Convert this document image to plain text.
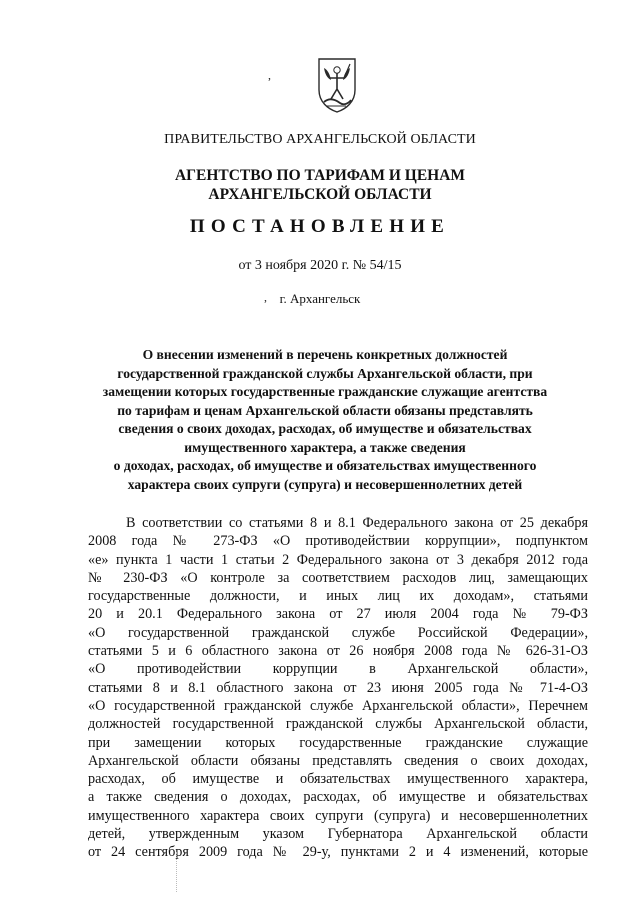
,
,
ПРАВИТЕЛЬСТВО АРХАНГЕЛЬСКОЙ ОБЛАСТИ
АГЕНТСТВО ПО ТАРИФАМ И ЦЕНАМ
АРХАНГЕЛЬСКОЙ ОБЛАСТИ
ПОСТАНОВЛЕНИЕ
от 3 ноября 2020 г. № 54/15
г. Архангельск
О внесении изменений в перечень конкретных должностей
государственной гражданской службы Архангельской области, при
замещении которых государственные гражданские служащие агентства
по тарифам и ценам Архангельской области обязаны представлять
сведения о своих доходах, расходах, об имуществе и обязательствах
имущественного характера, а также сведения
о доходах, расходах, об имуществе и обязательствах имущественного
характера своих супруги (супруга) и несовершеннолетних детей
В соответствии со статьями 8 и 8.1 Федерального закона от 25 декабря
2008 года № 273-ФЗ «О противодействии коррупции», подпунктом
«е» пункта 1 части 1 статьи 2 Федерального закона от 3 декабря 2012 года
№ 230-ФЗ «О контроле за соответствием расходов лиц, замещающих
государственные должности, и иных лиц их доходам», статьями
20 и 20.1 Федерального закона от 27 июля 2004 года № 79-ФЗ
«О государственной гражданской службе Российской Федерации»,
статьями 5 и 6 областного закона от 26 ноября 2008 года № 626-31-ОЗ
«О противодействии коррупции в Архангельской области»,
статьями 8 и 8.1 областного закона от 23 июня 2005 года № 71-4-ОЗ
«О государственной гражданской службе Архангельской области», Перечнем
должностей государственной гражданской службы Архангельской области,
при замещении которых государственные гражданские служащие
Архангельской области обязаны представлять сведения о своих доходах,
расходах, об имуществе и обязательствах имущественного характера,
а также сведения о доходах, расходах, об имуществе и обязательствах
имущественного характера своих супруги (супруга) и несовершеннолетних
детей, утвержденным указом Губернатора Архангельской области
от 24 сентября 2009 года № 29-у, пунктами 2 и 4 изменений, которые
